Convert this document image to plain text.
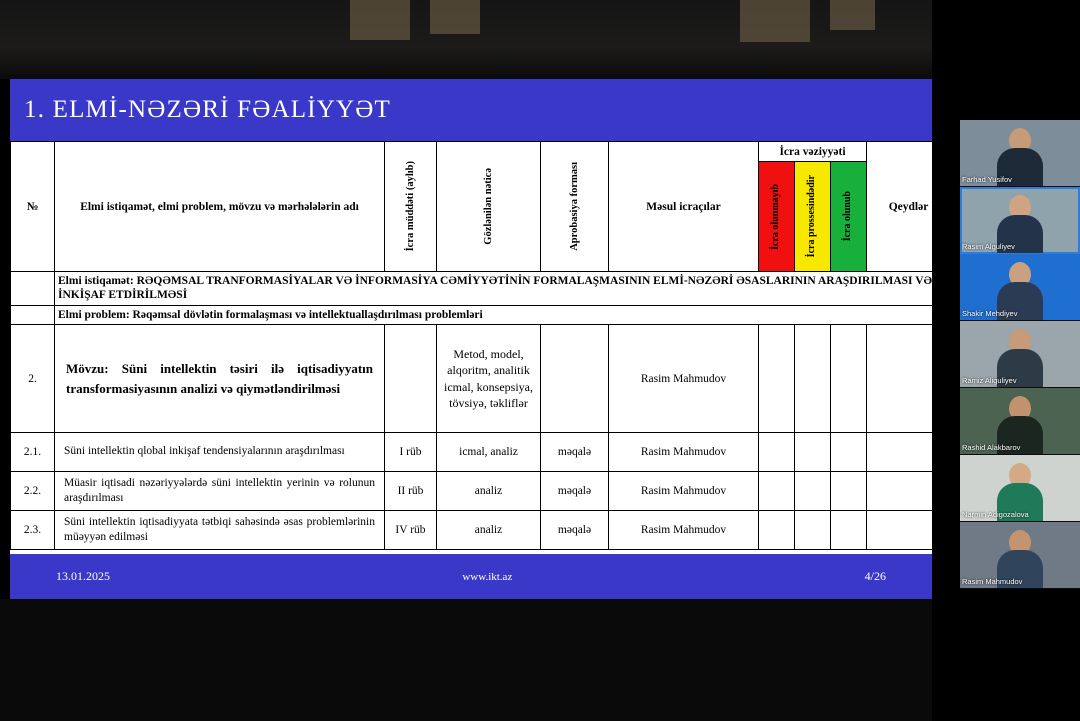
1. ELMİ-NƏZƏRİ FƏALİYYƏT
№	Elmi istiqamət, elmi problem, mövzu və mərhələlərin adı	İcra müddəti (aylıb)	Gözlənilən nəticə	Aprobasiya forması	Məsul icraçılar	İcra vəziyyəti			Qeydlər

						İcra olunmayıb	İcra prossesindədir	İcra olunub	

	Elmi istiqamət: RƏQƏMSAL TRANFORMASİYALAR VƏ İNFORMASİYA CƏMİYYƏTİNİN FORMALAŞMASININ ELMİ-NƏZƏRİ ƏSASLARININ ARAŞDIRILMASI VƏ İNKİŞAF ETDİRİLMƏSİ								
	Elmi problem: Rəqəmsal dövlətin formalaşması və intellektuallaşdırılması problemləri								
2.	Mövzu: Süni intellektin təsiri ilə iqtisadiyyatın transformasiyasının analizi və qiymətləndirilməsi		Metod, model, alqoritm, analitik icmal, konsepsiya, tövsiyə, təkliflər		Rasim Mahmudov				
2.1.	Süni intellektin qlobal inkişaf tendensiyalarının araşdırılması	I rüb	icmal, analiz	məqalə	Rasim Mahmudov				
2.2.	Müasir iqtisadi nəzəriyyələrdə süni intellektin yerinin və rolunun araşdırılması	II rüb	analiz	məqalə	Rasim Mahmudov				
2.3.	Süni intellektin iqtisadiyyata tətbiqi sahəsində əsas problemlərinin müəyyən edilməsi	IV rüb	analiz	məqalə	Rasim Mahmudov				
13.01.2025	www.ikt.az	4/26
Farhad Yusifov
Rasim Alguliyev
Shakir Mehdiyev
Ramiz Aliguliyev
Rashid Alakbarov
Narmin Adigozalova
Rasim Mahmudov
